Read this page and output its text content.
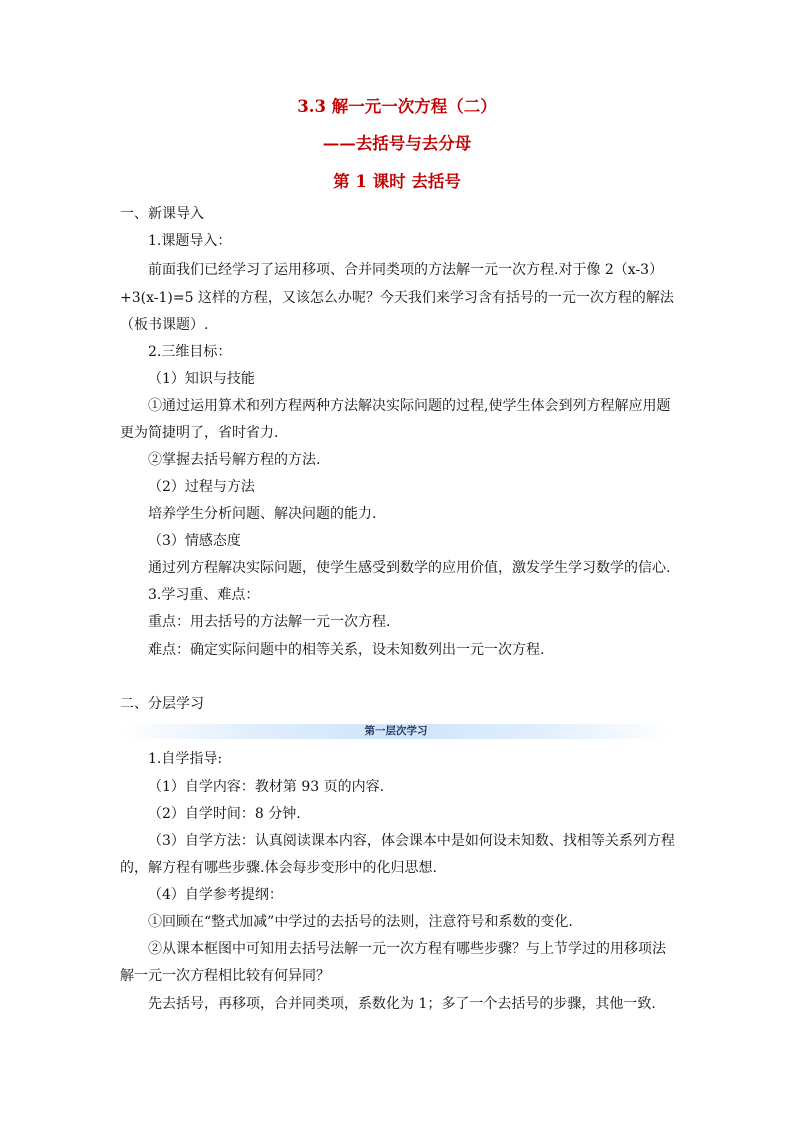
3.3 解一元一次方程（二）
——去括号与去分母
第 1 课时 去括号
一、新课导入
1.课题导入：
前面我们已经学习了运用移项、合并同类项的方法解一元一次方程.对于像 2（x-3）
+3(x-1)=5 这样的方程，又该怎么办呢？今天我们来学习含有括号的一元一次方程的解法
（板书课题）.
2.三维目标：
（1）知识与技能
①通过运用算术和列方程两种方法解决实际问题的过程,使学生体会到列方程解应用题
更为简捷明了，省时省力.
②掌握去括号解方程的方法.
（2）过程与方法
培养学生分析问题、解决问题的能力.
（3）情感态度
通过列方程解决实际问题，使学生感受到数学的应用价值，激发学生学习数学的信心.
3.学习重、难点：
重点：用去括号的方法解一元一次方程.
难点：确定实际问题中的相等关系，设未知数列出一元一次方程.
二、分层学习
第一层次学习
1.自学指导:
（1）自学内容：教材第 93 页的内容.
（2）自学时间：8 分钟.
（3）自学方法：认真阅读课本内容，体会课本中是如何设未知数、找相等关系列方程
的，解方程有哪些步骤.体会每步变形中的化归思想.
（4）自学参考提纲：
①回顾在“整式加减”中学过的去括号的法则，注意符号和系数的变化.
②从课本框图中可知用去括号法解一元一次方程有哪些步骤？与上节学过的用移项法
解一元一次方程相比较有何异同？
先去括号，再移项，合并同类项，系数化为 1；多了一个去括号的步骤，其他一致.
